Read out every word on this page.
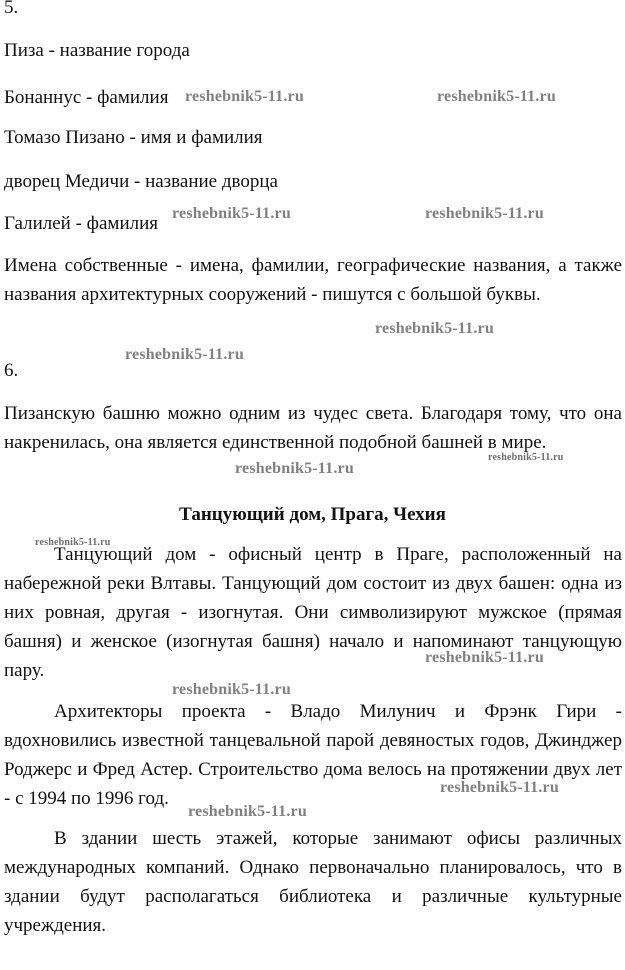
5.
Пиза - название города
Бонаннус - фамилия
Томазо Пизано - имя и фамилия
дворец Медичи - название дворца
Галилей - фамилия
Имена собственные - имена, фамилии, географические названия, а также названия архитектурных сооружений - пишутся с большой буквы.
6.
Пизанскую башню можно одним из чудес света. Благодаря тому, что она накренилась, она является единственной подобной башней в мире.
Танцующий дом, Прага, Чехия
Танцующий дом - офисный центр в Праге, расположенный на набережной реки Влтавы. Танцующий дом состоит из двух башен: одна из них ровная, другая - изогнутая. Они символизируют мужское (прямая башня) и женское (изогнутая башня) начало и напоминают танцующую пару.
Архитекторы проекта - Владо Милунич и Фрэнк Гири - вдохновились известной танцевальной парой девяностых годов, Джинджер Роджерс и Фред Астер. Строительство дома велось на протяжении двух лет - с 1994 по 1996 год.
В здании шесть этажей, которые занимают офисы различных международных компаний. Однако первоначально планировалось, что в здании будут располагаться библиотека и различные культурные учреждения.
reshebnik5-11.ru	reshebnik5-11.ru
reshebnik5-11.ru	reshebnik5-11.ru
reshebnik5-11.ru
reshebnik5-11.ru
reshebnik5-11.ru
reshebnik5-11.ru
reshebnik5-11.ru
reshebnik5-11.ru
reshebnik5-11.ru
reshebnik5-11.ru
reshebnik5-11.ru
